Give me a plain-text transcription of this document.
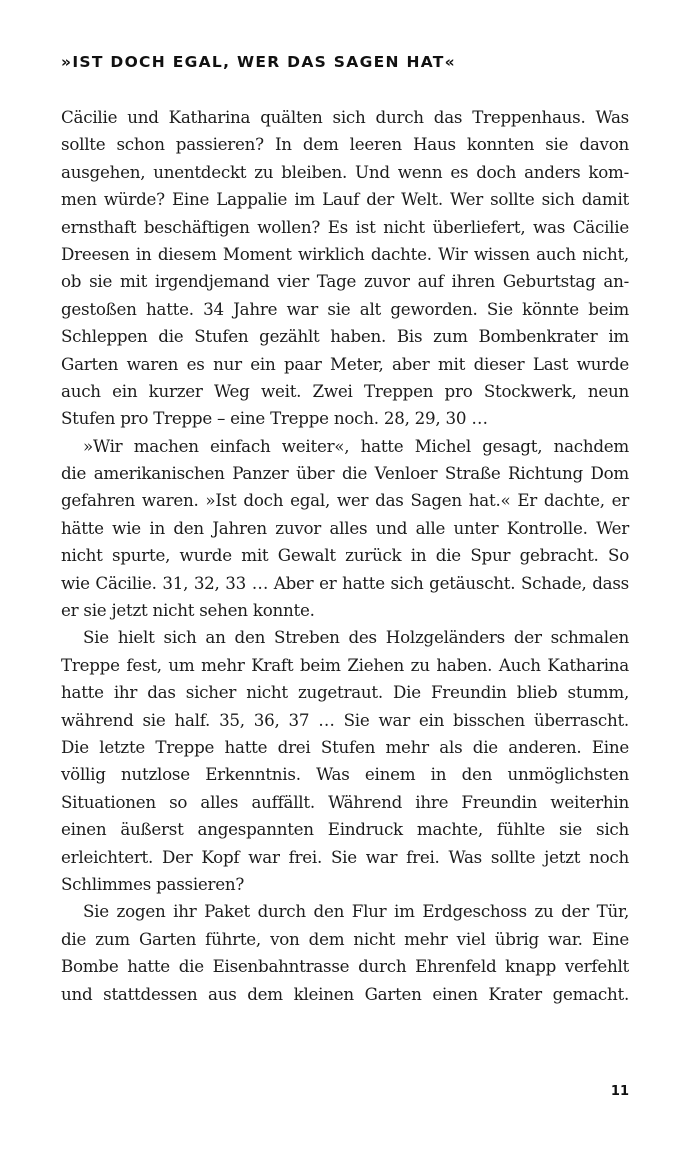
»IST DOCH EGAL, WER DAS SAGEN HAT«
Cäcilie und Katharina quälten sich durch das Treppenhaus. Was
sollte schon passieren? In dem leeren Haus konnten sie davon
ausgehen, unentdeckt zu bleiben. Und wenn es doch anders kom-
men würde? Eine Lappalie im Lauf der Welt. Wer sollte sich damit
ernsthaft beschäftigen wollen? Es ist nicht überliefert, was Cäcilie
Dreesen in diesem Moment wirklich dachte. Wir wissen auch nicht,
ob sie mit irgendjemand vier Tage zuvor auf ihren Geburtstag an-
gestoßen hatte. 34 Jahre war sie alt geworden. Sie könnte beim
Schleppen die Stufen gezählt haben. Bis zum Bombenkrater im
Garten waren es nur ein paar Meter, aber mit dieser Last wurde
auch ein kurzer Weg weit. Zwei Treppen pro Stockwerk, neun
Stufen pro Treppe – eine Treppe noch. 28, 29, 30 …
»Wir machen einfach weiter«, hatte Michel gesagt, nachdem
die amerikanischen Panzer über die Venloer Straße Richtung Dom
gefahren waren. »Ist doch egal, wer das Sagen hat.« Er dachte, er
hätte wie in den Jahren zuvor alles und alle unter Kontrolle. Wer
nicht spurte, wurde mit Gewalt zurück in die Spur gebracht. So
wie Cäcilie. 31, 32, 33 … Aber er hatte sich getäuscht. Schade, dass
er sie jetzt nicht sehen konnte.
Sie hielt sich an den Streben des Holzgeländers der schmalen
Treppe fest, um mehr Kraft beim Ziehen zu haben. Auch Katharina
hatte ihr das sicher nicht zugetraut. Die Freundin blieb stumm,
während sie half. 35, 36, 37 … Sie war ein bisschen überrascht.
Die letzte Treppe hatte drei Stufen mehr als die anderen. Eine
völlig nutzlose Erkenntnis. Was einem in den unmöglichsten
Situationen so alles auffällt. Während ihre Freundin weiterhin
einen äußerst angespannten Eindruck machte, fühlte sie sich
erleichtert. Der Kopf war frei. Sie war frei. Was sollte jetzt noch
Schlimmes passieren?
Sie zogen ihr Paket durch den Flur im Erdgeschoss zu der Tür,
die zum Garten führte, von dem nicht mehr viel übrig war. Eine
Bombe hatte die Eisenbahntrasse durch Ehrenfeld knapp verfehlt
und stattdessen aus dem kleinen Garten einen Krater gemacht.
11
